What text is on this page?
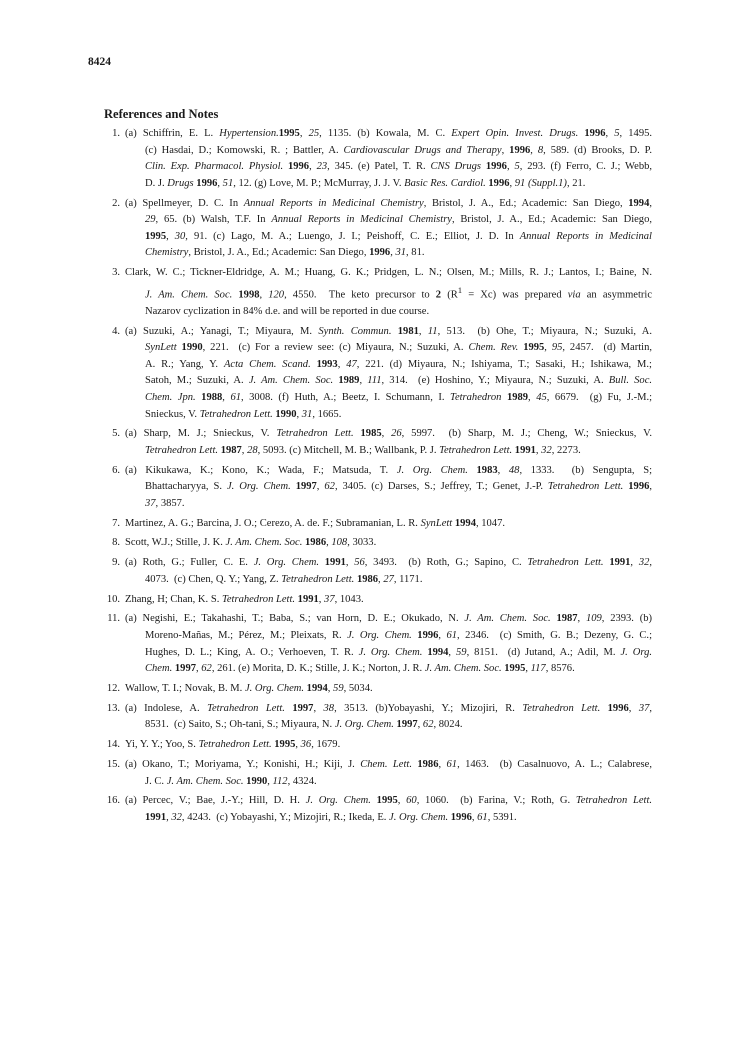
8424
References and Notes
1. (a) Schiffrin, E. L. Hypertension.1995, 25, 1135. (b) Kowala, M. C. Expert Opin. Invest. Drugs. 1996, 5, 1495.
(c) Hasdai, D.; Komowski, R. ; Battler, A. Cardiovascular Drugs and Therapy, 1996, 8, 589. (d) Brooks, D. P.
Clin. Exp. Pharmacol. Physiol. 1996, 23, 345. (e) Patel, T. R. CNS Drugs 1996, 5, 293. (f) Ferro, C. J.; Webb,
D. J. Drugs 1996, 51, 12. (g) Love, M. P.; McMurray, J. J. V. Basic Res. Cardiol. 1996, 91 (Suppl.1), 21.
2. (a) Spellmeyer, D. C. In Annual Reports in Medicinal Chemistry, Bristol, J. A., Ed.; Academic: San Diego, 1994,
29, 65. (b) Walsh, T.F. In Annual Reports in Medicinal Chemistry, Bristol, J. A., Ed.; Academic: San Diego,
1995, 30, 91. (c) Lago, M. A.; Luengo, J. I.; Peishoff, C. E.; Elliot, J. D. In Annual Reports in Medicinal
Chemistry, Bristol, J. A., Ed.; Academic: San Diego, 1996, 31, 81.
3. Clark, W. C.; Tickner-Eldridge, A. M.; Huang, G. K.; Pridgen, L. N.; Olsen, M.; Mills, R. J.; Lantos, I.; Baine, N.
J. Am. Chem. Soc. 1998, 120, 4550.  The keto precursor to 2 $(R^1 = Xc)$ was prepared via an asymmetric
Nazarov cyclization in 84% d.e. and will be reported in due course.
4. (a) Suzuki, A.; Yanagi, T.; Miyaura, M. Synth. Commun. 1981, 11, 513.  (b) Ohe, T.; Miyaura, N.; Suzuki, A.
SynLett 1990, 221.  (c) For a review see: (c) Miyaura, N.; Suzuki, A. Chem. Rev. 1995, 95, 2457.  (d) Martin,
A. R.; Yang, Y. Acta Chem. Scand. 1993, 47, 221. (d) Miyaura, N.; Ishiyama, T.; Sasaki, H.; Ishikawa, M.;
Satoh, M.; Suzuki, A. J. Am. Chem. Soc. 1989, 111, 314.  (e) Hoshino, Y.; Miyaura, N.; Suzuki, A. Bull. Soc.
Chem. Jpn. 1988, 61, 3008. (f) Huth, A.; Beetz, I. Schumann, I. Tetrahedron 1989, 45, 6679.  (g) Fu, J.-M.;
Snieckus, V. Tetrahedron Lett. 1990, 31, 1665.
5. (a) Sharp, M. J.; Snieckus, V. Tetrahedron Lett. 1985, 26, 5997.  (b) Sharp, M. J.; Cheng, W.; Snieckus, V.
Tetrahedron Lett. 1987, 28, 5093. (c) Mitchell, M. B.; Wallbank, P. J. Tetrahedron Lett. 1991, 32, 2273.
6. (a) Kikukawa, K.; Kono, K.; Wada, F.; Matsuda, T. J. Org. Chem. 1983, 48, 1333.  (b) Sengupta, S;
Bhattacharyya, S. J. Org. Chem. 1997, 62, 3405. (c) Darses, S.; Jeffrey, T.; Genet, J.-P. Tetrahedron Lett. 1996,
37, 3857.
7. Martinez, A. G.; Barcina, J. O.; Cerezo, A. de. F.; Subramanian, L. R. SynLett 1994, 1047.
8. Scott, W.J.; Stille, J. K. J. Am. Chem. Soc. 1986, 108, 3033.
9. (a) Roth, G.; Fuller, C. E. J. Org. Chem. 1991, 56, 3493.  (b) Roth, G.; Sapino, C. Tetrahedron Lett. 1991, 32,
4073.  (c) Chen, Q. Y.; Yang, Z. Tetrahedron Lett. 1986, 27, 1171.
10. Zhang, H; Chan, K. S. Tetrahedron Lett. 1991, 37, 1043.
11. (a) Negishi, E.; Takahashi, T.; Baba, S.; van Horn, D. E.; Okukado, N. J. Am. Chem. Soc. 1987, 109, 2393. (b)
Moreno-Mañas, M.; Pérez, M.; Pleixats, R. J. Org. Chem. 1996, 61, 2346.  (c) Smith, G. B.; Dezeny, G. C.;
Hughes, D. L.; King, A. O.; Verhoeven, T. R. J. Org. Chem. 1994, 59, 8151.  (d) Jutand, A.; Adil, M. J. Org.
Chem. 1997, 62, 261. (e) Morita, D. K.; Stille, J. K.; Norton, J. R. J. Am. Chem. Soc. 1995, 117, 8576.
12. Wallow, T. I.; Novak, B. M. J. Org. Chem. 1994, 59, 5034.
13. (a) Indolese, A. Tetrahedron Lett. 1997, 38, 3513. (b)Yobayashi, Y.; Mizojiri, R. Tetrahedron Lett. 1996, 37,
8531.  (c) Saito, S.; Oh-tani, S.; Miyaura, N. J. Org. Chem. 1997, 62, 8024.
14. Yi, Y. Y.; Yoo, S. Tetrahedron Lett. 1995, 36, 1679.
15. (a) Okano, T.; Moriyama, Y.; Konishi, H.; Kiji, J. Chem. Lett. 1986, 61, 1463.  (b) Casalnuovo, A. L.; Calabrese,
J. C. J. Am. Chem. Soc. 1990, 112, 4324.
16. (a) Percec, V.; Bae, J.-Y.; Hill, D. H. J. Org. Chem. 1995, 60, 1060.  (b) Farina, V.; Roth, G. Tetrahedron Lett.
1991, 32, 4243.  (c) Yobayashi, Y.; Mizojiri, R.; Ikeda, E. J. Org. Chem. 1996, 61, 5391.
